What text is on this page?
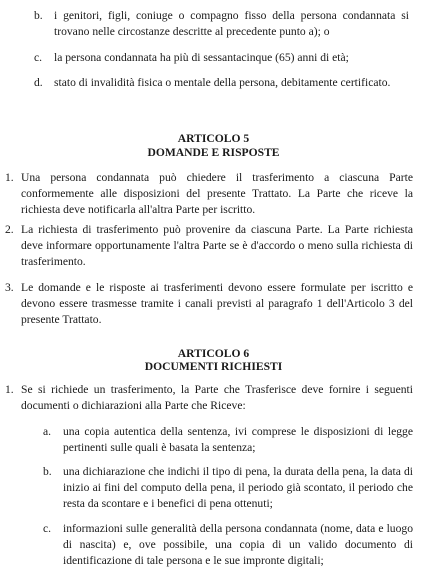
b. i genitori, figli, coniuge o compagno fisso della persona condannata si trovano nelle circostanze descritte al precedente punto a); o
c. la persona condannata ha più di sessantacinque (65) anni di età;
d. stato di invalidità fisica o mentale della persona, debitamente certificato.
ARTICOLO 5
DOMANDE E RISPOSTE
1. Una persona condannata può chiedere il trasferimento a ciascuna Parte conformemente alle disposizioni del presente Trattato. La Parte che riceve la richiesta deve notificarla all'altra Parte per iscritto.
2. La richiesta di trasferimento può provenire da ciascuna Parte. La Parte richiesta deve informare opportunamente l'altra Parte se è d'accordo o meno sulla richiesta di trasferimento.
3. Le domande e le risposte ai trasferimenti devono essere formulate per iscritto e devono essere trasmesse tramite i canali previsti al paragrafo 1 dell'Articolo 3 del presente Trattato.
ARTICOLO 6
DOCUMENTI RICHIESTI
1. Se si richiede un trasferimento, la Parte che Trasferisce deve fornire i seguenti documenti o dichiarazioni alla Parte che Riceve:
a. una copia autentica della sentenza, ivi comprese le disposizioni di legge pertinenti sulle quali è basata la sentenza;
b. una dichiarazione che indichi il tipo di pena, la durata della pena, la data di inizio ai fini del computo della pena, il periodo già scontato, il periodo che resta da scontare e i benefici di pena ottenuti;
c. informazioni sulle generalità della persona condannata (nome, data e luogo di nascita) e, ove possibile, una copia di un valido documento di identificazione di tale persona e le sue impronte digitali;
